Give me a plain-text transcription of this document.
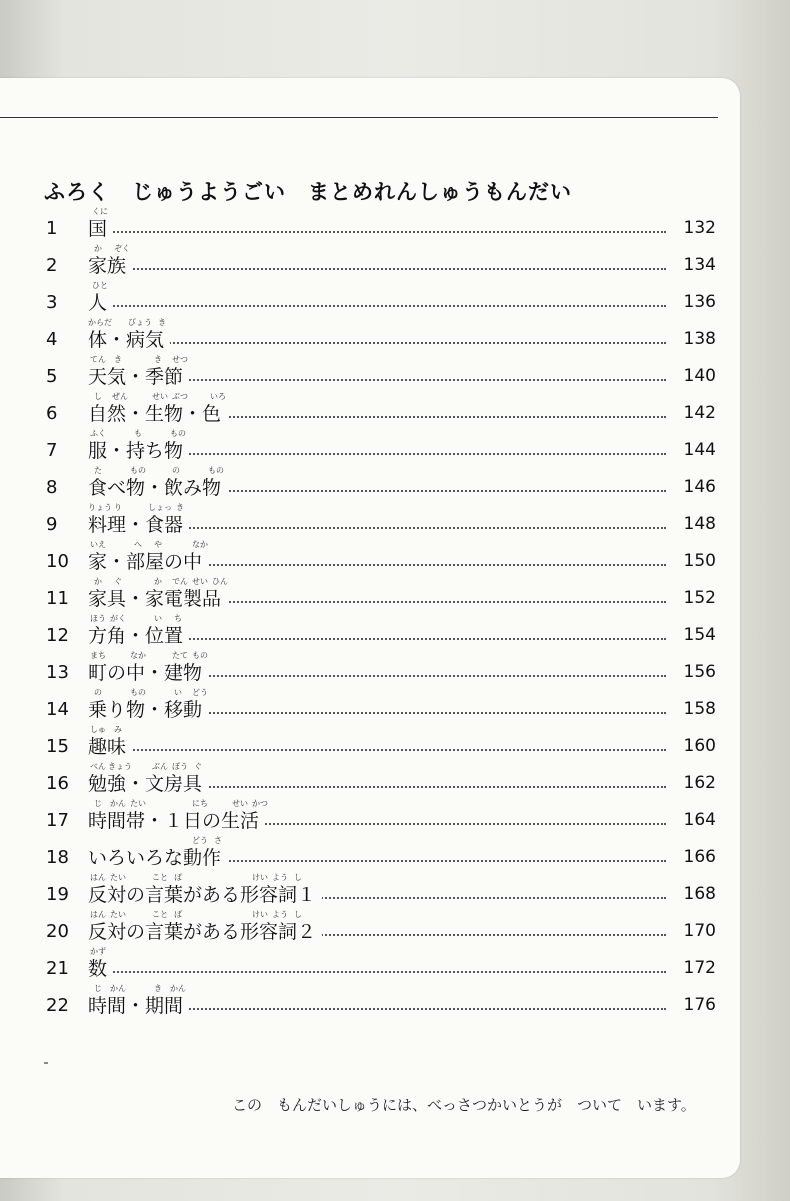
ふろく　じゅうようごい　まとめれんしゅうもんだい
くに
1 国	132
か ぞく
2 家族	134
ひと
3 人	136
からだ びょう き
4 体・病気	138
てん き	き せつ
5 天気・季節	140
し ぜん	せい ぶつ	いろ
6 自然・生物・色	142
ふく	も	もの
7 服・持ち物	144
た	もの	の	もの
8 食べ物・飲み物	146
りょう り	しょっ き
9 料理・食器	148
いえ	へ や	なか
10 家・部屋の中	150
か ぐ	か でん せい ひん
11 家具・家電製品	152
ほう がく	い ち
12 方角・位置	154
まち	なか	たて もの
13 町の中・建物	156
の	もの	い どう
14 乗り物・移動	158
しゅ み
15 趣味	160
べん きょう	ぶん ぼう ぐ
16 勉強・文房具	162
じ かん たい	にち	せい かつ
17 時間帯・１日の生活	164
どう さ
18 いろいろな動作	166
はん たい	こと ば	けい よう し
19 反対の言葉がある形容詞１	168
はん たい	こと ば	けい よう し
20 反対の言葉がある形容詞２	170
かず
21 数	172
じ かん	き かん
22 時間・期間	176
この　もんだいしゅうには、べっさつかいとうが　ついて　います。
